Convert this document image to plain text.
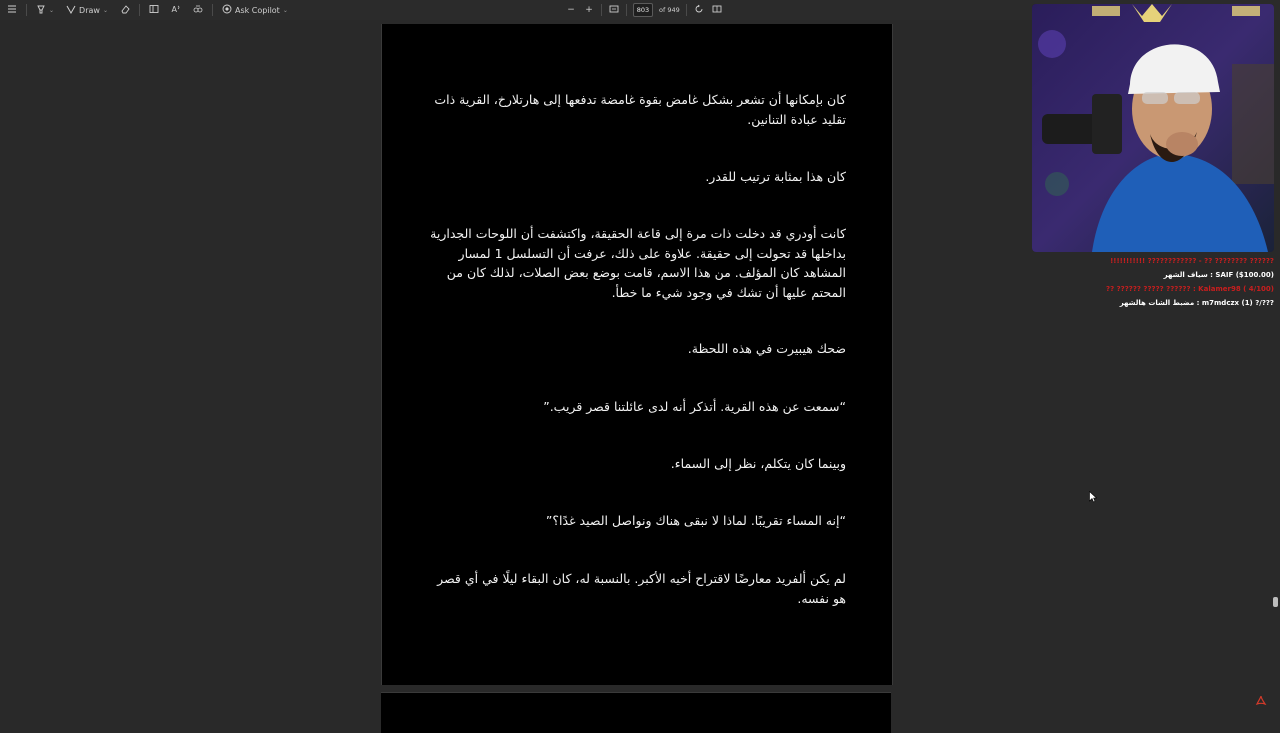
⌄	Draw ⌄	A	Ask Copilot ⌄	− +	803	of 949

كان بإمكانها أن تشعر بشكل غامض بقوة غامضة تدفعها إلى هارتلارخ، القرية ذات تقليد عبادة التنانين.

كان هذا بمثابة ترتيب للقدر.

كانت أودري قد دخلت ذات مرة إلى قاعة الحقيقة، واكتشفت أن اللوحات الجدارية بداخلها قد تحولت إلى حقيقة. علاوة على ذلك، عرفت أن التسلسل 1 لمسار المشاهد كان المؤلف. من هذا الاسم، قامت بوضع بعض الصلات، لذلك كان من المحتم عليها أن تشك في وجود شيء ما خطأ.

ضحك هيبيرت في هذه اللحظة.

“سمعت عن هذه القرية. أتذكر أنه لدى عائلتنا قصر قريب.”

وبينما كان يتكلم، نظر إلى السماء.

“إنه المساء تقريبًا. لماذا لا نبقى هناك ونواصل الصيد غدًا؟”

لم يكن ألفريد معارضًا لاقتراح أخيه الأكبر. بالنسبة له، كان البقاء ليلًا في أي قصر هو نفسه.

!!!!!!!!!!! ???????????? - ?? ???????? ??????
سياف الشهر : SAIF ($100.00)
?? ?????? ????? ?????? : Kalamer98 ( 4/100)
مضبط الشات هالشهر : m7mdczx (1) ?/???
